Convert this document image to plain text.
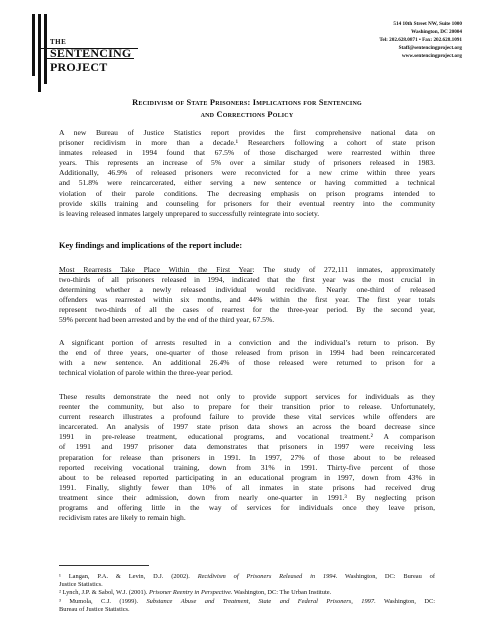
THE
SENTENCING
PROJECT
514 10th Street NW, Suite 1000
Washington, DC 20004
Tel: 202.628.0871 • Fax: 202.628.1091
Staff@sentencingproject.org
www.sentencingproject.org
Recidivism of State Prisoners: Implications for Sentencing
and Corrections Policy
A new Bureau of Justice Statistics report provides the first comprehensive national data on
prisoner recidivism in more than a decade.¹ Researchers following a cohort of state prison
inmates released in 1994 found that 67.5% of those discharged were rearrested within three
years. This represents an increase of 5% over a similar study of prisoners released in 1983.
Additionally, 46.9% of released prisoners were reconvicted for a new crime within three years
and 51.8% were reincarcerated, either serving a new sentence or having committed a technical
violation of their parole conditions. The decreasing emphasis on prison programs intended to
provide skills training and counseling for prisoners for their eventual reentry into the community
is leaving released inmates largely unprepared to successfully reintegrate into society.
Key findings and implications of the report include:
Most Rearrests Take Place Within the First Year: The study of 272,111 inmates, approximately
two-thirds of all prisoners released in 1994, indicated that the first year was the most crucial in
determining whether a newly released individual would recidivate. Nearly one-third of released
offenders was rearrested within six months, and 44% within the first year. The first year totals
represent two-thirds of all the cases of rearrest for the three-year period. By the second year,
59% percent had been arrested and by the end of the third year, 67.5%.
A significant portion of arrests resulted in a conviction and the individual’s return to prison. By
the end of three years, one-quarter of those released from prison in 1994 had been reincarcerated
with a new sentence. An additional 26.4% of those released were returned to prison for a
technical violation of parole within the three-year period.
These results demonstrate the need not only to provide support services for individuals as they
reenter the community, but also to prepare for their transition prior to release. Unfortunately,
current research illustrates a profound failure to provide these vital services while offenders are
incarcerated. An analysis of 1997 state prison data shows an across the board decrease since
1991 in pre-release treatment, educational programs, and vocational treatment.² A comparison
of 1991 and 1997 prisoner data demonstrates that prisoners in 1997 were receiving less
preparation for release than prisoners in 1991. In 1997, 27% of those about to be released
reported receiving vocational training, down from 31% in 1991. Thirty-five percent of those
about to be released reported participating in an educational program in 1997, down from 43% in
1991. Finally, slightly fewer than 10% of all inmates in state prisons had received drug
treatment since their admission, down from nearly one-quarter in 1991.³ By neglecting prison
programs and offering little in the way of services for individuals once they leave prison,
recidivism rates are likely to remain high.
¹ Langan, P.A. & Levin, D.J. (2002). Recidivism of Prisoners Released in 1994. Washington, DC: Bureau of
Justice Statistics.
² Lynch, J.P. & Sabol, W.J. (2001). Prisoner Reentry in Perspective. Washington, DC: The Urban Institute.
³ Mumola, C.J. (1999). Substance Abuse and Treatment, State and Federal Prisoners, 1997. Washington, DC:
Bureau of Justice Statistics.
